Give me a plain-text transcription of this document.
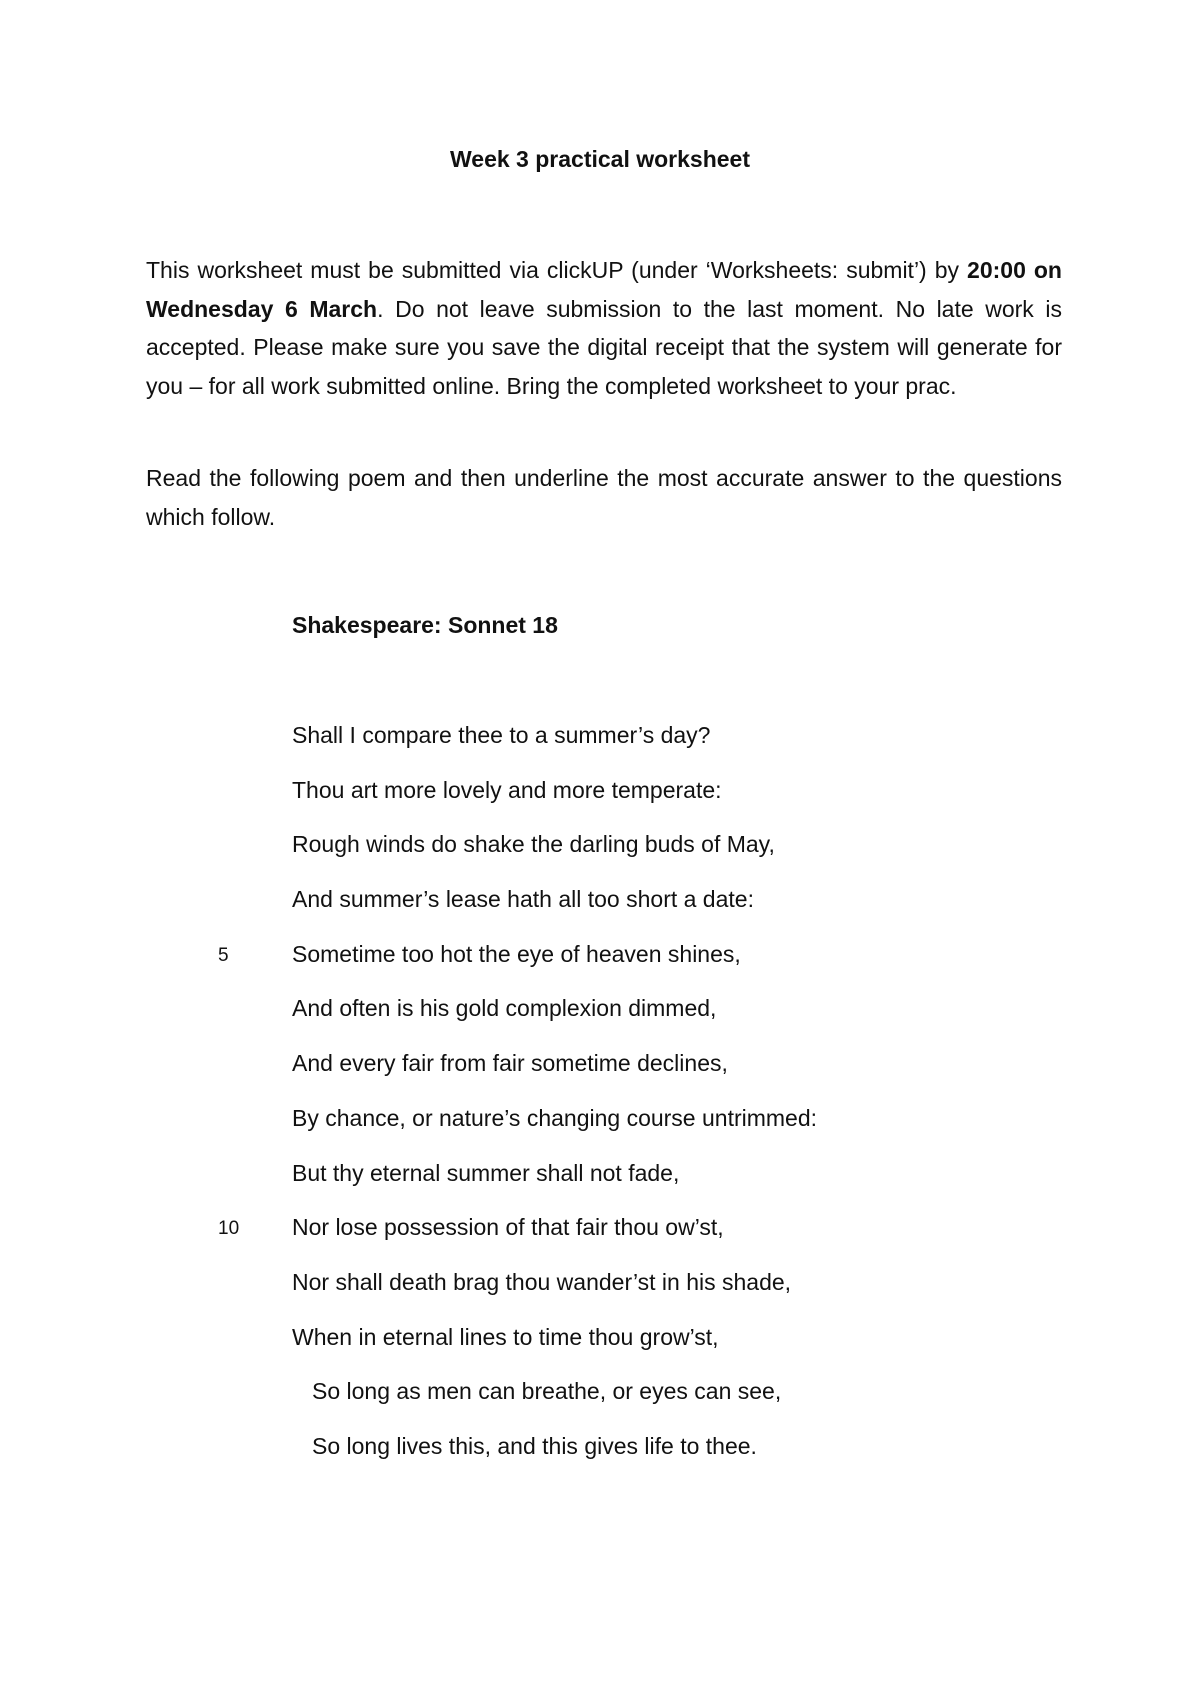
Week 3 practical worksheet

This worksheet must be submitted via clickUP (under ‘Worksheets: submit’) by 20:00 on Wednesday 6 March. Do not leave submission to the last moment. No late work is accepted. Please make sure you save the digital receipt that the system will generate for you – for all work submitted online. Bring the completed worksheet to your prac.

Read the following poem and then underline the most accurate answer to the questions which follow.

Shakespeare: Sonnet 18
Shall I compare thee to a summer’s day?
Thou art more lovely and more temperate:
Rough winds do shake the darling buds of May,
And summer’s lease hath all too short a date:
5	Sometime too hot the eye of heaven shines,
And often is his gold complexion dimmed,
And every fair from fair sometime declines,
By chance, or nature’s changing course untrimmed:
But thy eternal summer shall not fade,
10 Nor lose possession of that fair thou ow’st,
Nor shall death brag thou wander’st in his shade,
When in eternal lines to time thou grow’st,
So long as men can breathe, or eyes can see,
So long lives this, and this gives life to thee.
